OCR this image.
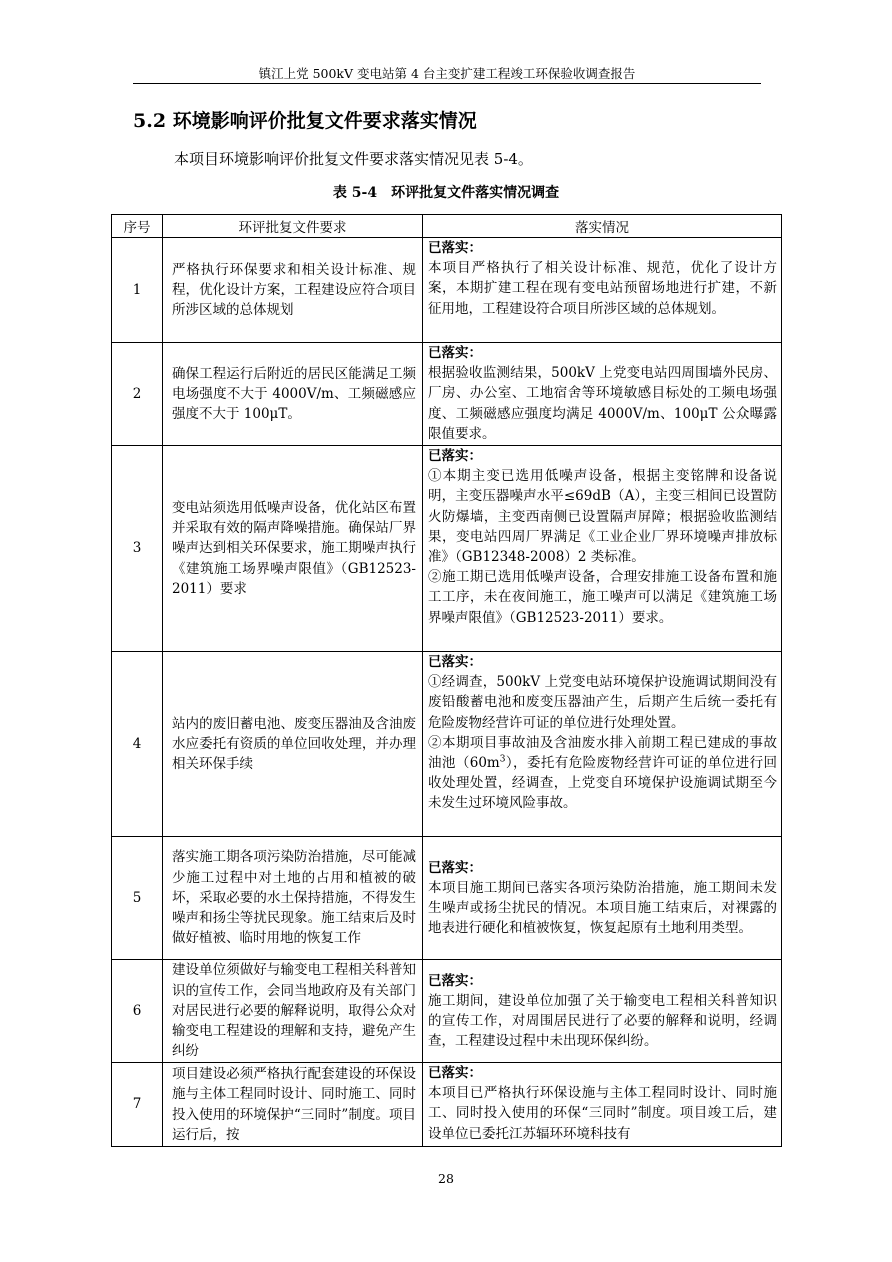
镇江上党 500kV 变电站第 4 台主变扩建工程竣工环保验收调查报告
5.2 环境影响评价批复文件要求落实情况
本项目环境影响评价批复文件要求落实情况见表 5-4。
表 5-4　环评批复文件落实情况调查
序号	环评批复文件要求	落实情况
1	严格执行环保要求和相关设计标准、规程，优化设计方案，工程建设应符合项目所涉区域的总体规划	已落实：
本项目严格执行了相关设计标准、规范，优化了设计方案，本期扩建工程在现有变电站预留场地进行扩建，不新征用地，工程建设符合项目所涉区域的总体规划。

2	确保工程运行后附近的居民区能满足工频电场强度不大于 4000V/m、工频磁感应强度不大于 100μT。	已落实：
根据验收监测结果，500kV 上党变电站四周围墙外民房、厂房、办公室、工地宿舍等环境敏感目标处的工频电场强度、工频磁感应强度均满足 4000V/m、100μT 公众曝露限值要求。

3	变电站须选用低噪声设备，优化站区布置并采取有效的隔声降噪措施。确保站厂界噪声达到相关环保要求，施工期噪声执行《建筑施工场界噪声限值》（GB12523-2011）要求	已落实：
①本期主变已选用低噪声设备，根据主变铭牌和设备说明，主变压器噪声水平≤69dB（A），主变三相间已设置防火防爆墙，主变西南侧已设置隔声屏障；根据验收监测结果，变电站四周厂界满足《工业企业厂界环境噪声排放标准》（GB12348-2008）2 类标准。
②施工期已选用低噪声设备，合理安排施工设备布置和施工工序，未在夜间施工，施工噪声可以满足《建筑施工场界噪声限值》（GB12523-2011）要求。

4	站内的废旧蓄电池、废变压器油及含油废水应委托有资质的单位回收处理，并办理相关环保手续	已落实：
①经调查，500kV 上党变电站环境保护设施调试期间没有废铅酸蓄电池和废变压器油产生，后期产生后统一委托有危险废物经营许可证的单位进行处理处置。
②本期项目事故油及含油废水排入前期工程已建成的事故油池$(60m^3)$，委托有危险废物经营许可证的单位进行回收处理处置，经调查，上党变自环境保护设施调试期至今未发生过环境风险事故。

5	落实施工期各项污染防治措施，尽可能减少施工过程中对土地的占用和植被的破坏，采取必要的水土保持措施，不得发生噪声和扬尘等扰民现象。施工结束后及时做好植被、临时用地的恢复工作	已落实：
本项目施工期间已落实各项污染防治措施，施工期间未发生噪声或扬尘扰民的情况。本项目施工结束后，对裸露的地表进行硬化和植被恢复，恢复起原有土地利用类型。

6	建设单位须做好与输变电工程相关科普知识的宣传工作，会同当地政府及有关部门对居民进行必要的解释说明，取得公众对输变电工程建设的理解和支持，避免产生纠纷	已落实：
施工期间，建设单位加强了关于输变电工程相关科普知识的宣传工作，对周围居民进行了必要的解释和说明，经调查，工程建设过程中未出现环保纠纷。

7	项目建设必须严格执行配套建设的环保设施与主体工程同时设计、同时施工、同时投入使用的环境保护“三同时”制度。项目运行后，按	已落实：
本项目已严格执行环保设施与主体工程同时设计、同时施工、同时投入使用的环保“三同时”制度。项目竣工后，建设单位已委托江苏辐环环境科技有
28
